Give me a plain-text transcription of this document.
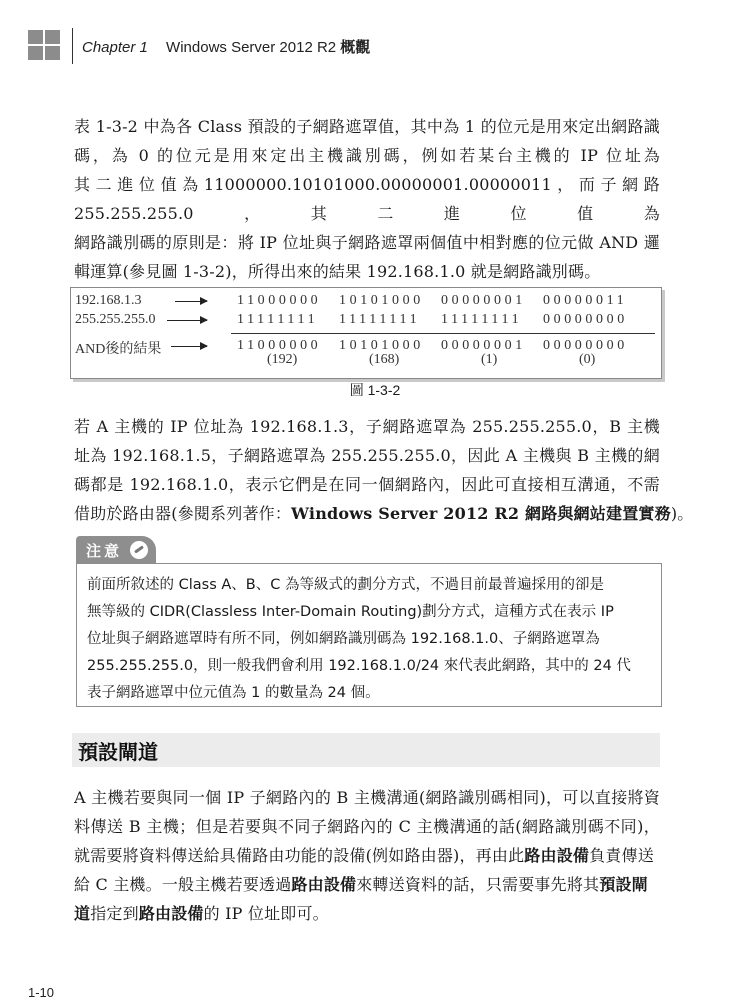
Chapter 1 Windows Server 2012 R2 概觀
表 1-3-2 中為各 Class 預設的子網路遮罩值，其中為 1 的位元是用來定出網路識
碼，為 0 的位元是用來定出主機識別碼，例如若某台主機的 IP 位址為
其 二 進 位 值 為 11000000.10101000.00000001.00000011 ， 而 子 網 路
255.255.255.0，其二進位值為
網路識別碼的原則是：將 IP 位址與子網路遮罩兩個值中相對應的位元做 AND 邏
輯運算(參見圖 1-3-2)，所得出來的結果 192.168.1.0 就是網路識別碼。
192.168.1.3	11000000 10101000 00000001 00000011
255.255.255.0	11111111 11111111 11111111 00000000
AND後的結果	11000000 10101000 00000001 00000000
(192)	(168)	(1)	(0)
圖 1-3-2
若 A 主機的 IP 位址為 192.168.1.3，子網路遮罩為 255.255.255.0，B 主機
址為 192.168.1.5，子網路遮罩為 255.255.255.0，因此 A 主機與 B 主機的網
碼都是 192.168.1.0，表示它們是在同一個網路內，因此可直接相互溝通，不需
借助於路由器(參閱系列著作：Windows Server 2012 R2 網路與網站建置實務)。
注意
前面所敘述的 Class A、B、C 為等級式的劃分方式，不過目前最普遍採用的卻是
無等級的 CIDR(Classless Inter-Domain Routing)劃分方式，這種方式在表示 IP
位址與子網路遮罩時有所不同，例如網路識別碼為 192.168.1.0、子網路遮罩為
255.255.255.0，則一般我們會利用 192.168.1.0/24 來代表此網路，其中的 24 代
表子網路遮罩中位元值為 1 的數量為 24 個。
預設閘道
A 主機若要與同一個 IP 子網路內的 B 主機溝通(網路識別碼相同)，可以直接將資
料傳送 B 主機；但是若要與不同子網路內的 C 主機溝通的話(網路識別碼不同)，
就需要將資料傳送給具備路由功能的設備(例如路由器)，再由此路由設備負責傳送
給 C 主機。一般主機若要透過路由設備來轉送資料的話，只需要事先將其預設閘
道指定到路由設備的 IP 位址即可。
1-10
